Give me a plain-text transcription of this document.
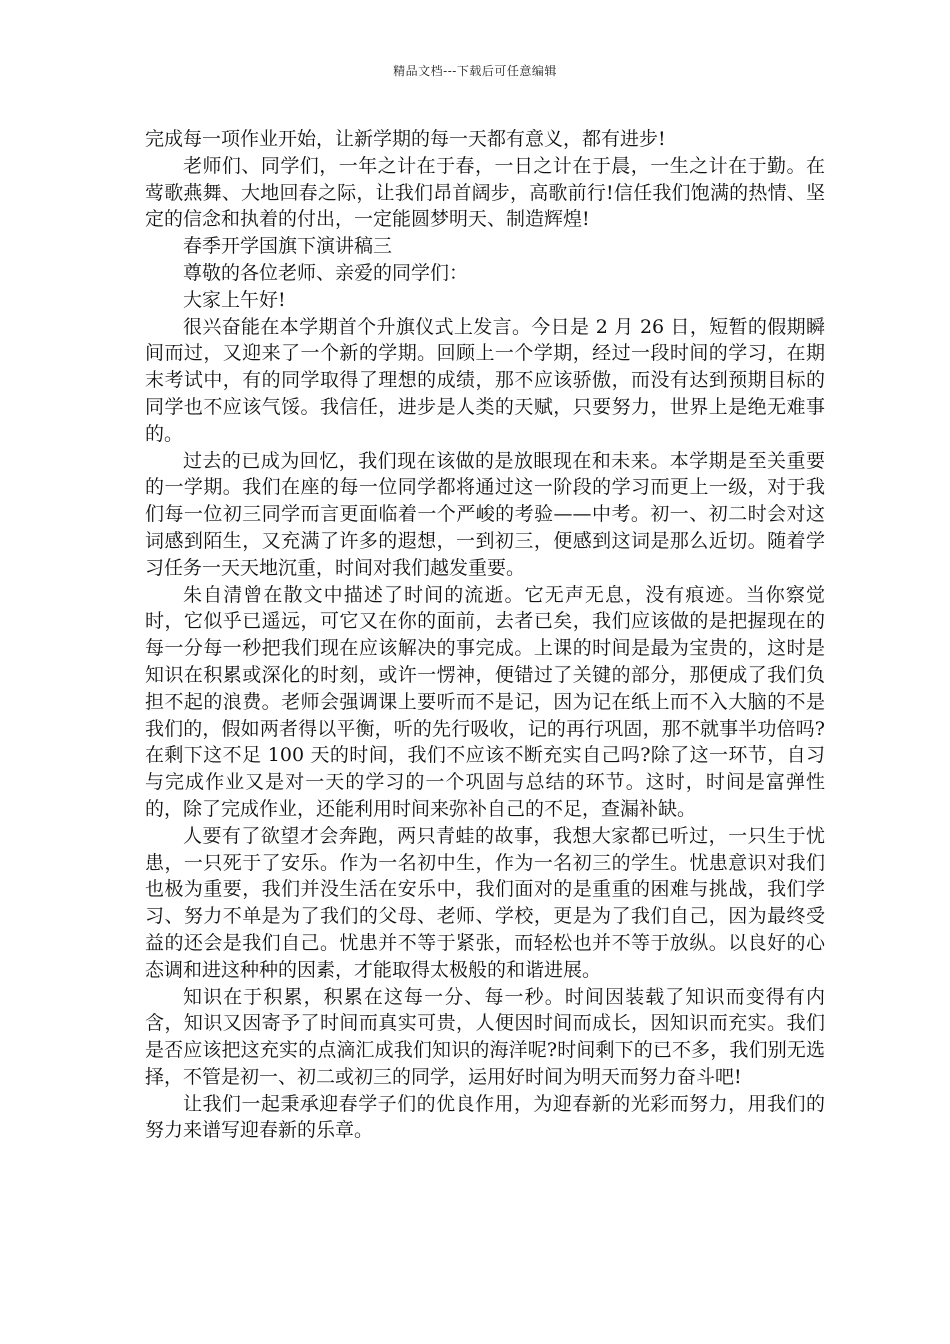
精品文档---下载后可任意编辑

完成每一项作业开始，让新学期的每一天都有意义，都有进步!

老师们、同学们，一年之计在于春，一日之计在于晨，一生之计在于勤。在莺歌燕舞、大地回春之际，让我们昂首阔步，高歌前行!信任我们饱满的热情、坚定的信念和执着的付出，一定能圆梦明天、制造辉煌!

春季开学国旗下演讲稿三

尊敬的各位老师、亲爱的同学们：

大家上午好!

很兴奋能在本学期首个升旗仪式上发言。今日是 2 月 26 日，短暂的假期瞬间而过，又迎来了一个新的学期。回顾上一个学期，经过一段时间的学习，在期末考试中，有的同学取得了理想的成绩，那不应该骄傲，而没有达到预期目标的同学也不应该气馁。我信任，进步是人类的天赋，只要努力，世界上是绝无难事的。

过去的已成为回忆，我们现在该做的是放眼现在和未来。本学期是至关重要的一学期。我们在座的每一位同学都将通过这一阶段的学习而更上一级，对于我们每一位初三同学而言更面临着一个严峻的考验——中考。初一、初二时会对这词感到陌生，又充满了许多的遐想，一到初三，便感到这词是那么近切。随着学习任务一天天地沉重，时间对我们越发重要。

朱自清曾在散文中描述了时间的流逝。它无声无息，没有痕迹。当你察觉时，它似乎已遥远，可它又在你的面前，去者已矣，我们应该做的是把握现在的每一分每一秒把我们现在应该解决的事完成。上课的时间是最为宝贵的，这时是知识在积累或深化的时刻，或许一愣神，便错过了关键的部分，那便成了我们负担不起的浪费。老师会强调课上要听而不是记，因为记在纸上而不入大脑的不是我们的，假如两者得以平衡，听的先行吸收，记的再行巩固，那不就事半功倍吗?在剩下这不足 100 天的时间，我们不应该不断充实自己吗?除了这一环节，自习与完成作业又是对一天的学习的一个巩固与总结的环节。这时，时间是富弹性的，除了完成作业，还能利用时间来弥补自己的不足，查漏补缺。

人要有了欲望才会奔跑，两只青蛙的故事，我想大家都已听过，一只生于忧患，一只死于了安乐。作为一名初中生，作为一名初三的学生。忧患意识对我们也极为重要，我们并没生活在安乐中，我们面对的是重重的困难与挑战，我们学习、努力不单是为了我们的父母、老师、学校，更是为了我们自己，因为最终受益的还会是我们自己。忧患并不等于紧张，而轻松也并不等于放纵。以良好的心态调和进这种种的因素，才能取得太极般的和谐进展。

知识在于积累，积累在这每一分、每一秒。时间因装载了知识而变得有内含，知识又因寄予了时间而真实可贵，人便因时间而成长，因知识而充实。我们是否应该把这充实的点滴汇成我们知识的海洋呢?时间剩下的已不多，我们别无选择，不管是初一、初二或初三的同学，运用好时间为明天而努力奋斗吧!

让我们一起秉承迎春学子们的优良作用，为迎春新的光彩而努力，用我们的努力来谱写迎春新的乐章。
